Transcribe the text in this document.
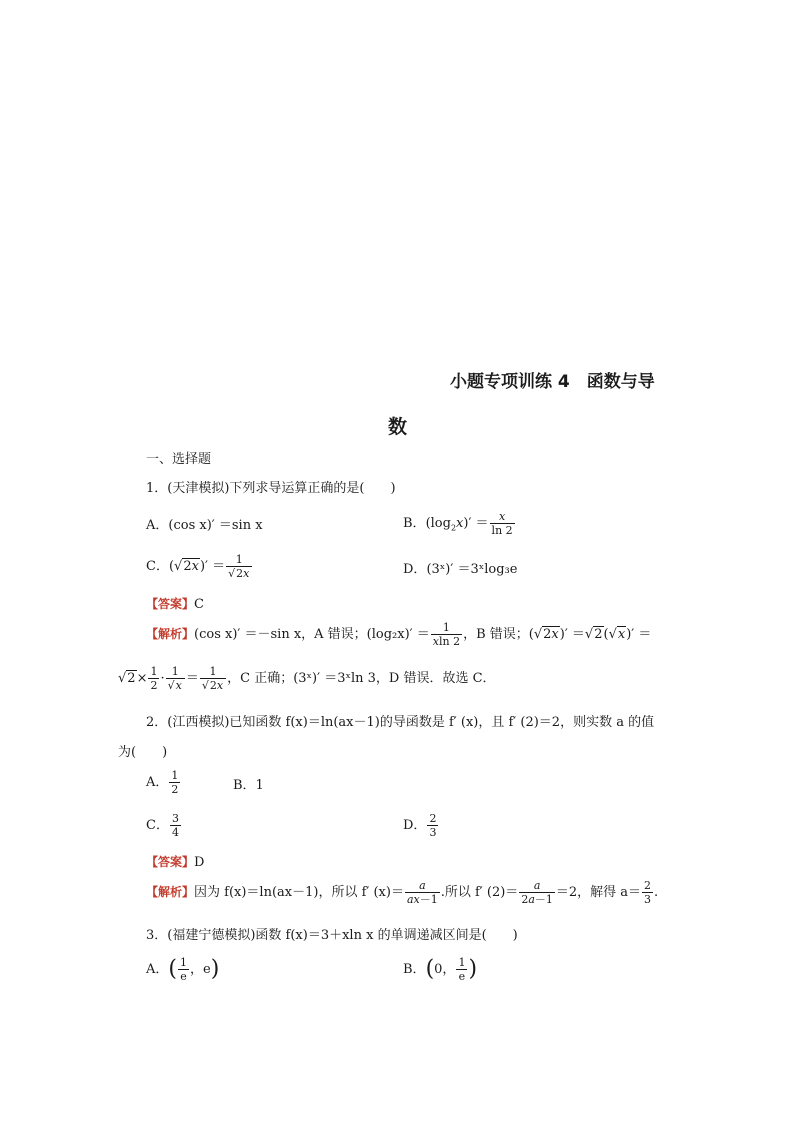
小题专项训练 4　函数与导
数
一、选择题
1．(天津模拟)下列求导运算正确的是(　　)
A．(cos x)′ ＝sin x	B．$(\log_2x)' = \frac{x}{\ln 2}$
C．$(√2x)' = \frac{1}{√2x}$	D．(3ˣ)′ ＝3ˣlog₃e
【答案】C
【解析】(cos x)′ ＝－sin x，A 错误；$(\log_2x)' = \frac{1}{xln 2}$ ，B 错误；(√2x)′ ＝√2(√x)′ ＝
$√2\times \frac{1}{2} \cdot \frac{1}{√x} = \frac{1}{√2x}$ ，C 正确；(3ˣ)′ ＝3ˣln 3，D 错误．故选 C．
2．(江西模拟)已知函数 f(x)＝ln(ax－1)的导函数是 f′ (x)，且 f′ (2)＝2，则实数 a 的值
为(　　)
A． $\frac{1}{2}$	B．1
C． $\frac{3}{4}$	D． $\frac{2}{3}$
【答案】D
【解析】因为 f(x)＝ln(ax－1)，所以 f′ $(x)= \frac{a}{ax-1}$ .所以 f′ $(2)= \frac{a}{2a-1} =2$，解得 $a= \frac{2}{3}$ .
3．(福建宁德模拟)函数 f(x)＝3＋xln x 的单调递减区间是(　　)
A．( $\frac{1}{e}$ ，e)	B．(0， $\frac{1}{e}$ )
